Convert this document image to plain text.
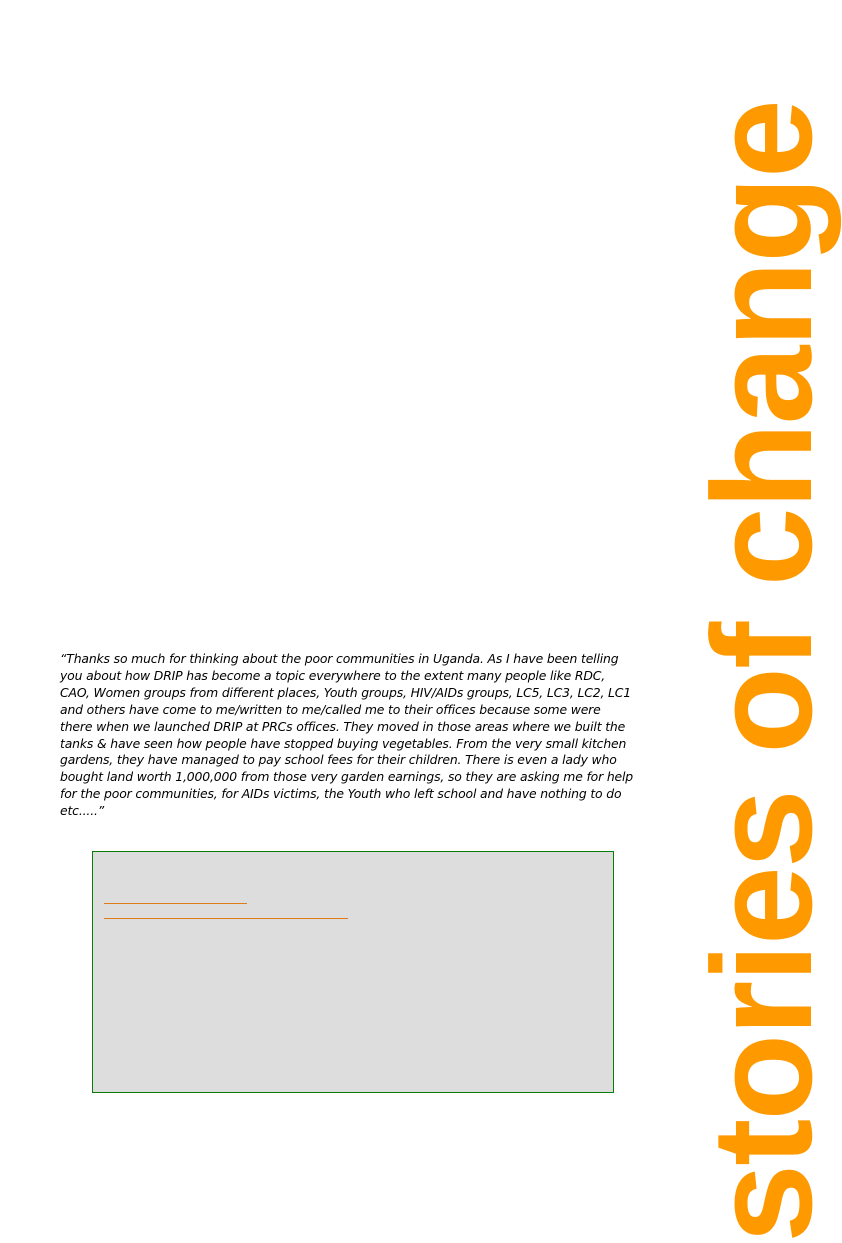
stories of change

“Thanks so much for thinking about the poor communities in Uganda. As I have been telling you about how DRIP has become a topic everywhere to the extent many people like RDC, CAO, Women groups from different places, Youth groups, HIV/AIDs groups, LC5, LC3, LC2, LC1 and others have come to me/written to me/called me to their offices because some were there when we launched DRIP at PRCs offices. They moved in those areas where we built the tanks & have seen how people have stopped buying vegetables. From the very small kitchen gardens, they have managed to pay school fees for their children. There is even a lady who bought land worth 1,000,000 from those very garden earnings, so they are asking me for help for the poor communities, for AIDs victims, the Youth who left school and have nothing to do etc.....”
